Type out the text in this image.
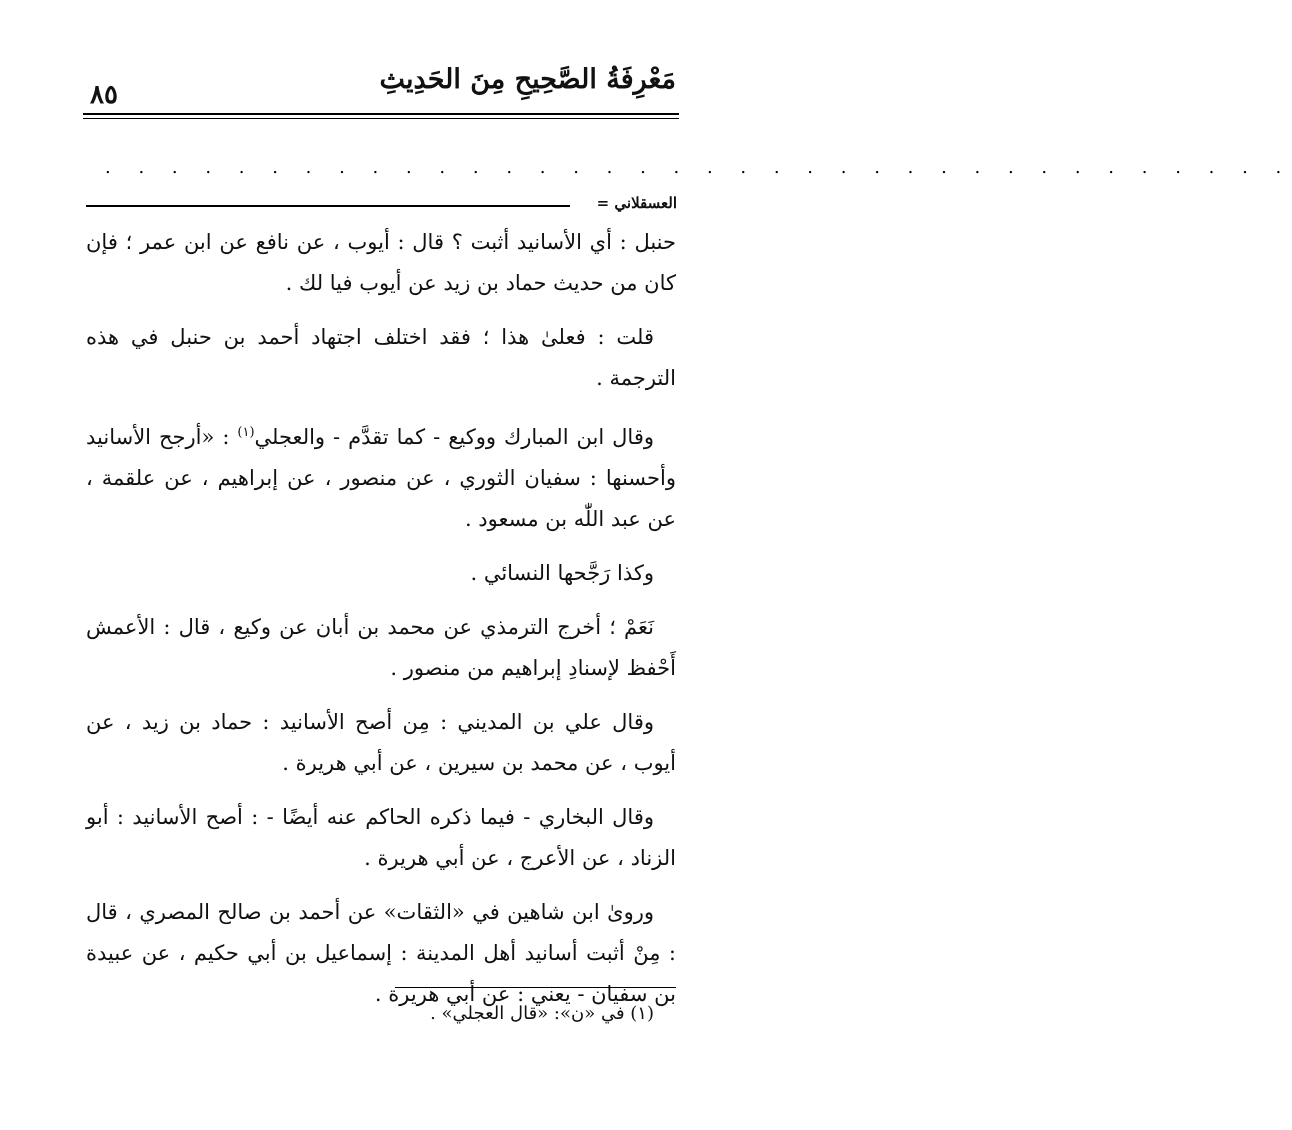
مَعْرِفَةُ الصَّحِيحِ مِنَ الحَدِيثِ
٨٥
. . . . . . . . . . . . . . . . . . . . . . . . . . . . . . . . . . . .
العسقلاني =

حنبل : أي الأسانيد أثبت ؟ قال : أيوب ، عن نافع عن ابن عمر ؛ فإن كان من حديث حماد بن زيد عن أيوب فيا لك .

قلت : فعلىٰ هذا ؛ فقد اختلف اجتهاد أحمد بن حنبل في هذه الترجمة .

وقال ابن المبارك ووكيع - كما تقدَّم - والعجلي$^{(١)}$ : «أرجح الأسانيد وأحسنها : سفيان الثوري ، عن منصور ، عن إبراهيم ، عن علقمة ، عن عبد اللّٰه بن مسعود .

وكذا رَجَّحها النسائي .

نَعَمْ ؛ أخرج الترمذي عن محمد بن أبان عن وكيع ، قال : الأعمش أَحْفظ لإسنادِ إبراهيم من منصور .

وقال علي بن المديني : مِن أصح الأسانيد : حماد بن زيد ، عن أيوب ، عن محمد بن سيرين ، عن أبي هريرة .

وقال البخاري - فيما ذكره الحاكم عنه أيضًا - : أصح الأسانيد : أبو الزناد ، عن الأعرج ، عن أبي هريرة .

وروىٰ ابن شاهين في «الثقات» عن أحمد بن صالح المصري ، قال : مِنْ أثبت أسانيد أهل المدينة : إسماعيل بن أبي حكيم ، عن عبيدة بن سفيان - يعني : عن أبي هريرة .

(١) في «ن»: «قال العجلي» .
